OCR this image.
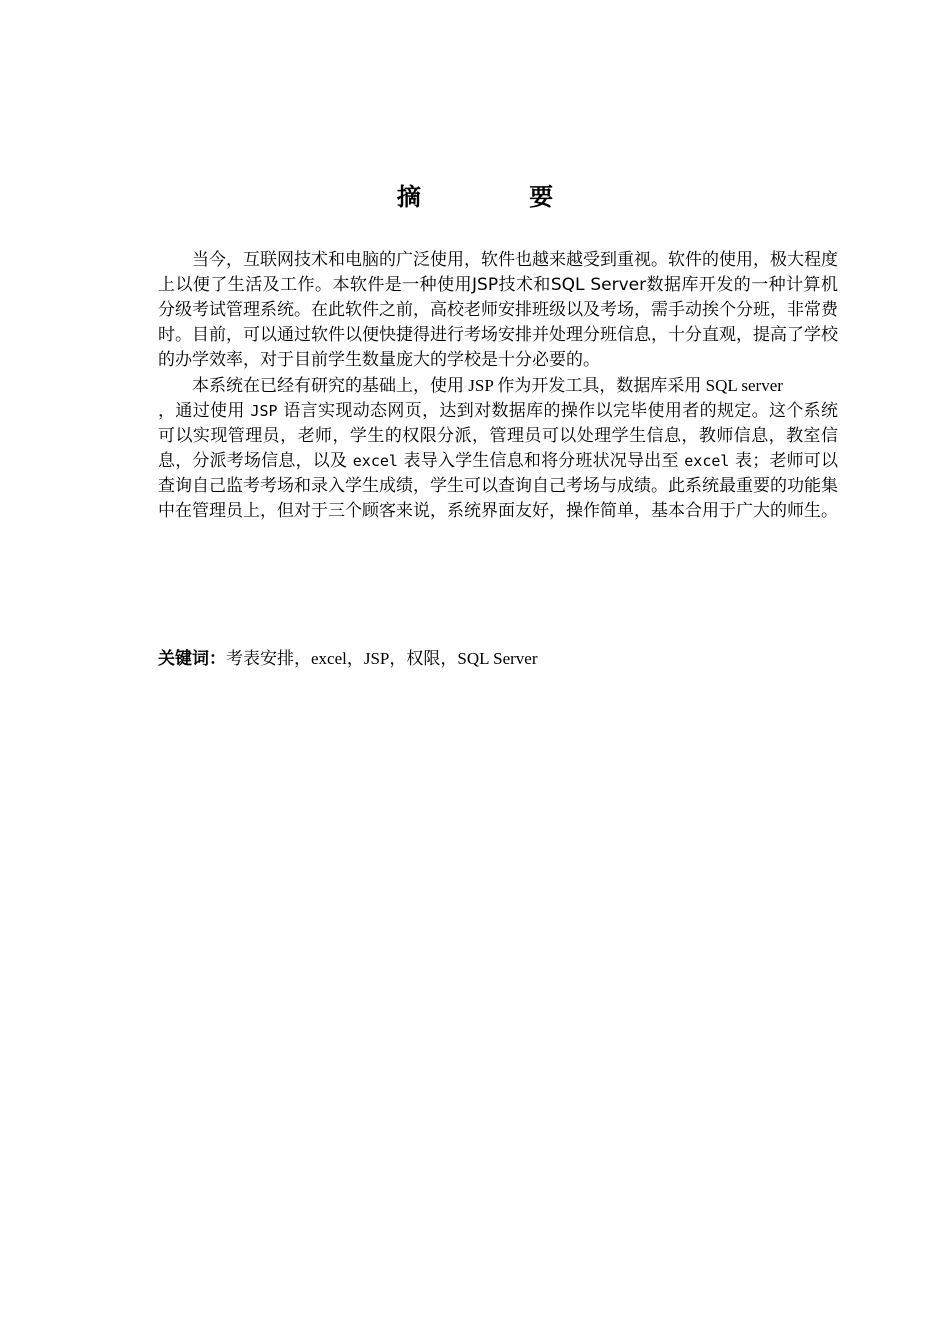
摘 要

当今，互联网技术和电脑的广泛使用，软件也越来越受到重视。软件的使用，极大程度上以便了生活及工作。本软件是一种使用JSP技术和SQL Server数据库开发的一种计算机分级考试管理系统。在此软件之前，高校老师安排班级以及考场，需手动挨个分班，非常费时。目前，可以通过软件以便快捷得进行考场安排并处理分班信息，十分直观，提高了学校的办学效率，对于目前学生数量庞大的学校是十分必要的。

本系统在已经有研究的基础上，使用 JSP 作为开发工具，数据库采用 SQL server

，通过使用 JSP 语言实现动态网页，达到对数据库的操作以完毕使用者的规定。这个系统可以实现管理员，老师，学生的权限分派，管理员可以处理学生信息，教师信息，教室信息，分派考场信息，以及 excel 表导入学生信息和将分班状况导出至 excel 表；老师可以查询自己监考考场和录入学生成绩，学生可以查询自己考场与成绩。此系统最重要的功能集中在管理员上，但对于三个顾客来说，系统界面友好，操作简单，基本合用于广大的师生。

关键词：考表安排，excel，JSP，权限，SQL Server
